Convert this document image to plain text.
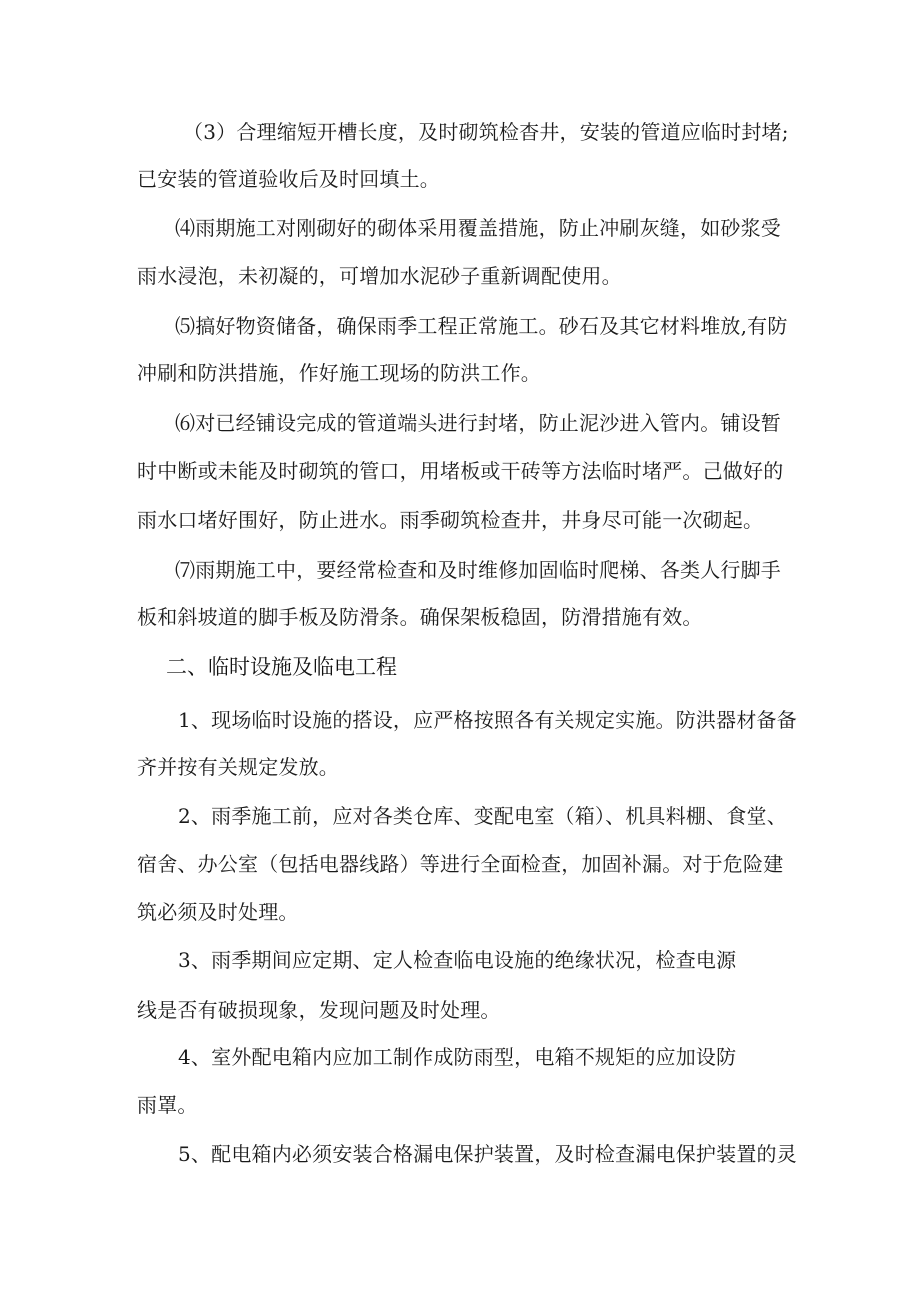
（3）合理缩短开槽长度，及时砌筑检杳井，安装的管道应临时封堵;

已安装的管道验收后及时回填土。

⑷雨期施工对刚砌好的砌体采用覆盖措施，防止冲刷灰缝，如砂浆受

雨水浸泡，未初凝的，可增加水泥砂子重新调配使用。

⑸搞好物资储备，确保雨季工程正常施工。砂石及其它材料堆放,有防

冲刷和防洪措施，作好施工现场的防洪工作。

⑹对已经铺设完成的管道端头进行封堵，防止泥沙进入管内。铺设暂

时中断或未能及时砌筑的管口，用堵板或干砖等方法临时堵严。己做好的

雨水口堵好围好，防止进水。雨季砌筑检查井，井身尽可能一次砌起。

⑺雨期施工中，要经常检查和及时维修加固临时爬梯、各类人行脚手

板和斜坡道的脚手板及防滑条。确保架板稳固，防滑措施有效。

二、临时设施及临电工程

1、现场临时设施的搭设，应严格按照各有关规定实施。防洪器材备备

齐并按有关规定发放。

2、雨季施工前，应对各类仓库、变配电室（箱）、机具料棚、食堂、

宿舍、办公室（包括电器线路）等进行全面检查，加固补漏。对于危险建

筑必须及时处理。

3、雨季期间应定期、定人检查临电设施的绝缘状况，检查电源

线是否有破损现象，发现问题及时处理。

4、室外配电箱内应加工制作成防雨型，电箱不规矩的应加设防

雨罩。

5、配电箱内必须安装合格漏电保护装置，及时检查漏电保护装置的灵
